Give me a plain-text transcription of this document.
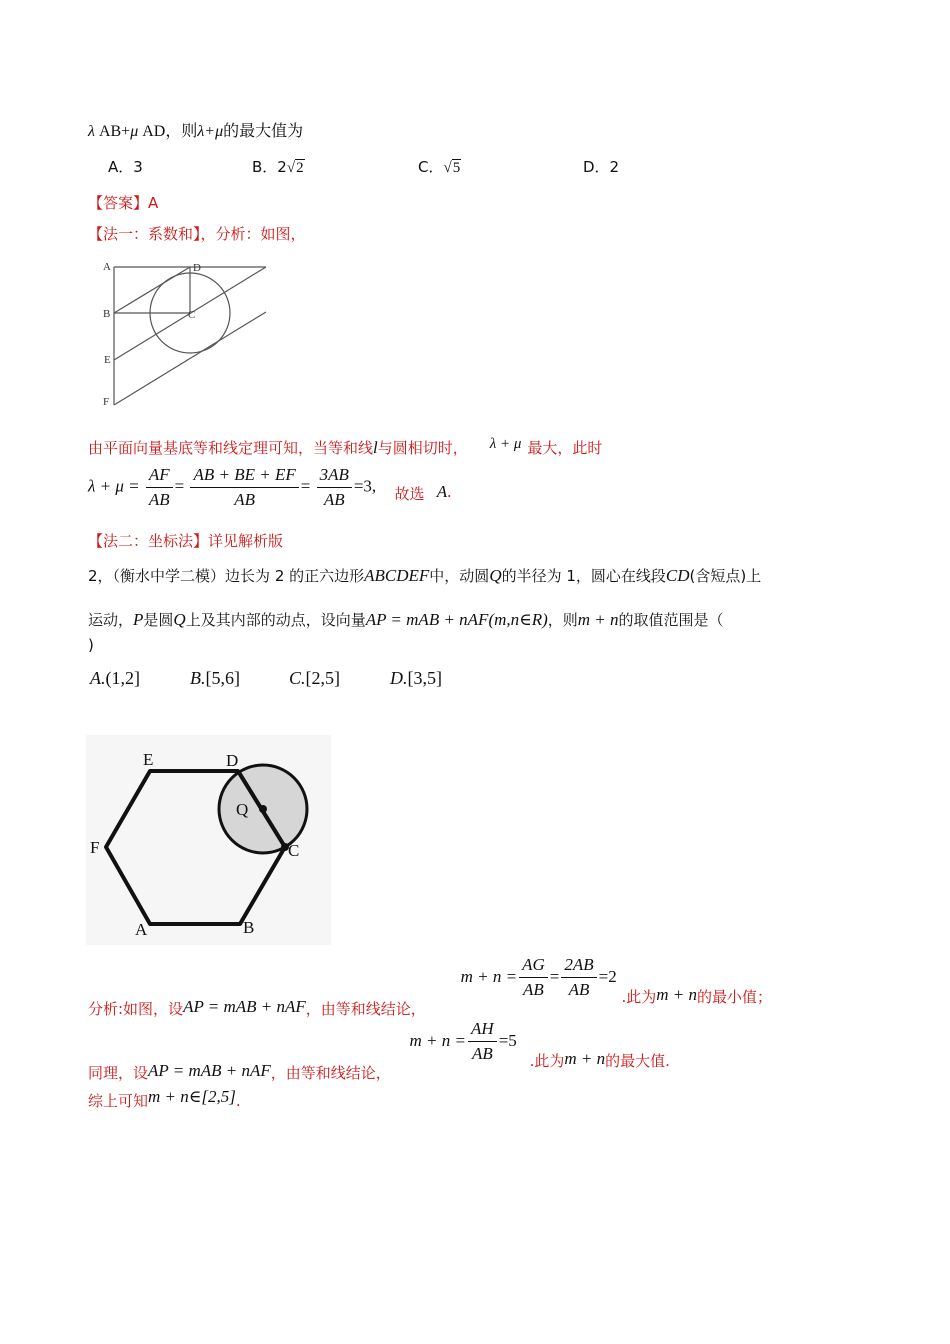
λ AB+μ AD，则λ+μ的最大值为
A．3	B．2√2	C．√5	D．2
【答案】A
【法一：系数和】，分析：如图，
A	D
B	C
E
F
由平面向量基底等和线定理可知，当等和线l与圆相切时， λ + μ 最大，此时
$\lambda + \mu = \frac{AF}{AB} = \frac{AB + BE + EF}{AB} = \frac{3AB}{AB} =3$, 故选 A.
【法二：坐标法】详见解析版
2，（衡水中学二模）边长为 2 的正六边形ABCDEF中，动圆Q的半径为 1，圆心在线段CD(含短点)上
运动，P是圆Q上及其内部的动点，设向量AP = mAB + nAF(m,n∈R)，则m + n的取值范围是（
)
A.(1,2]	B.[5,6]	C.[2,5]	D.[3,5]
E	D
F	C
A	B
Q
分析:如图，设AP = mAB + nAF，由等和线结论， $m + n = \frac{AG}{AB} = \frac{2AB}{AB} =2$ .此为m + n的最小值；
同理，设AP = mAB + nAF，由等和线结论， $m + n = \frac{AH}{AB} =5$ .此为m + n的最大值.
综上可知m + n∈[2,5].
